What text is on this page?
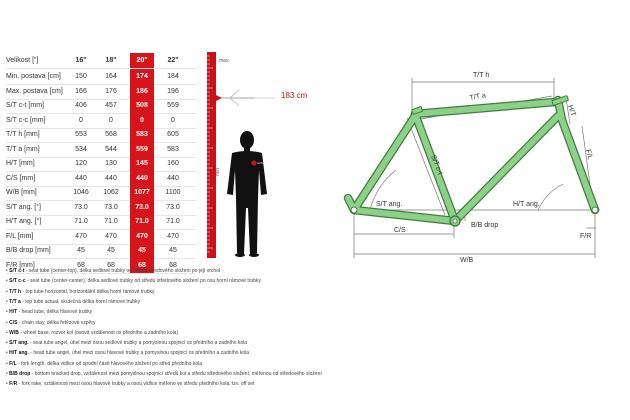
Velikost ["]	16"	18"	20"	22"
Min. postava [cm]	150	164	174	184
Max. postava [cm]	166	176	186	196
S/T c-t [mm]	406	457	508	559
S/T c-c [mm]	0	0	0	0
T/T h [mm]	553	568	583	605
T/T a [mm]	534	544	559	583
H/T [mm]	120	130	145	160
C/S [mm]	440	440	440	440
W/B [mm]	1046	1062	1077	1100
S/T ang. [°]	73.0	73.0	73.0	73.0
H/T ang. [°]	71.0	71.0	71.0	71.0
F/L [mm]	470	470	470	470
B/B drop [mm]	45	45	45	45
F/R [mm]	68	68	68	68
max
min
183 cm
AUTHOR
T/T h
T/T a
H/T
F/L
S/T c-t
S/T ang.	H/T ang.
B/B drop
C/S
F/R
W/B
• S/T c-t - seat tube (center-top), délka sedlové trubky od středu středového složení po její vrchol
• S/T c-c - seat tube (center-center), délka sedlové trubky od středu středového složení po osu horní rámové trubky
• T/T h - top tube horizontal, horizontální délka horní rámové trubky
• T/T a - top tube actual, skutečná délka horní rámové trubky
• H/T - head tube, délka hlavové trubky
• C/S - chain stay, délka řetězové vzpěry
• W/B - wheel base, rozvor kol (osová vzdálenost os předního a zadního kola)
• S/T ang. - seat tube angel, úhel mezi osou sedlové trubky a pomyslnou spojnicí os předního a zadního kola
• H/T ang. - head tube angel, úhel mezi osou hlavové trubky a pomyslnou spojnicí os předního a zadního kola
• F/L - fork length, délka vidlice od spodní části hlavového složení po střed předního kola
• B/B drop - bottom bracked drop, vzdálenost mezi pomyslnou spojnicí středů kol a středu středového složení, měřenou od středového složení
• F/R - fork rake, vzdálenost mezi osou hlavové trubky a osou vidlice měřeno ve středu předního kola, tzv. off set
